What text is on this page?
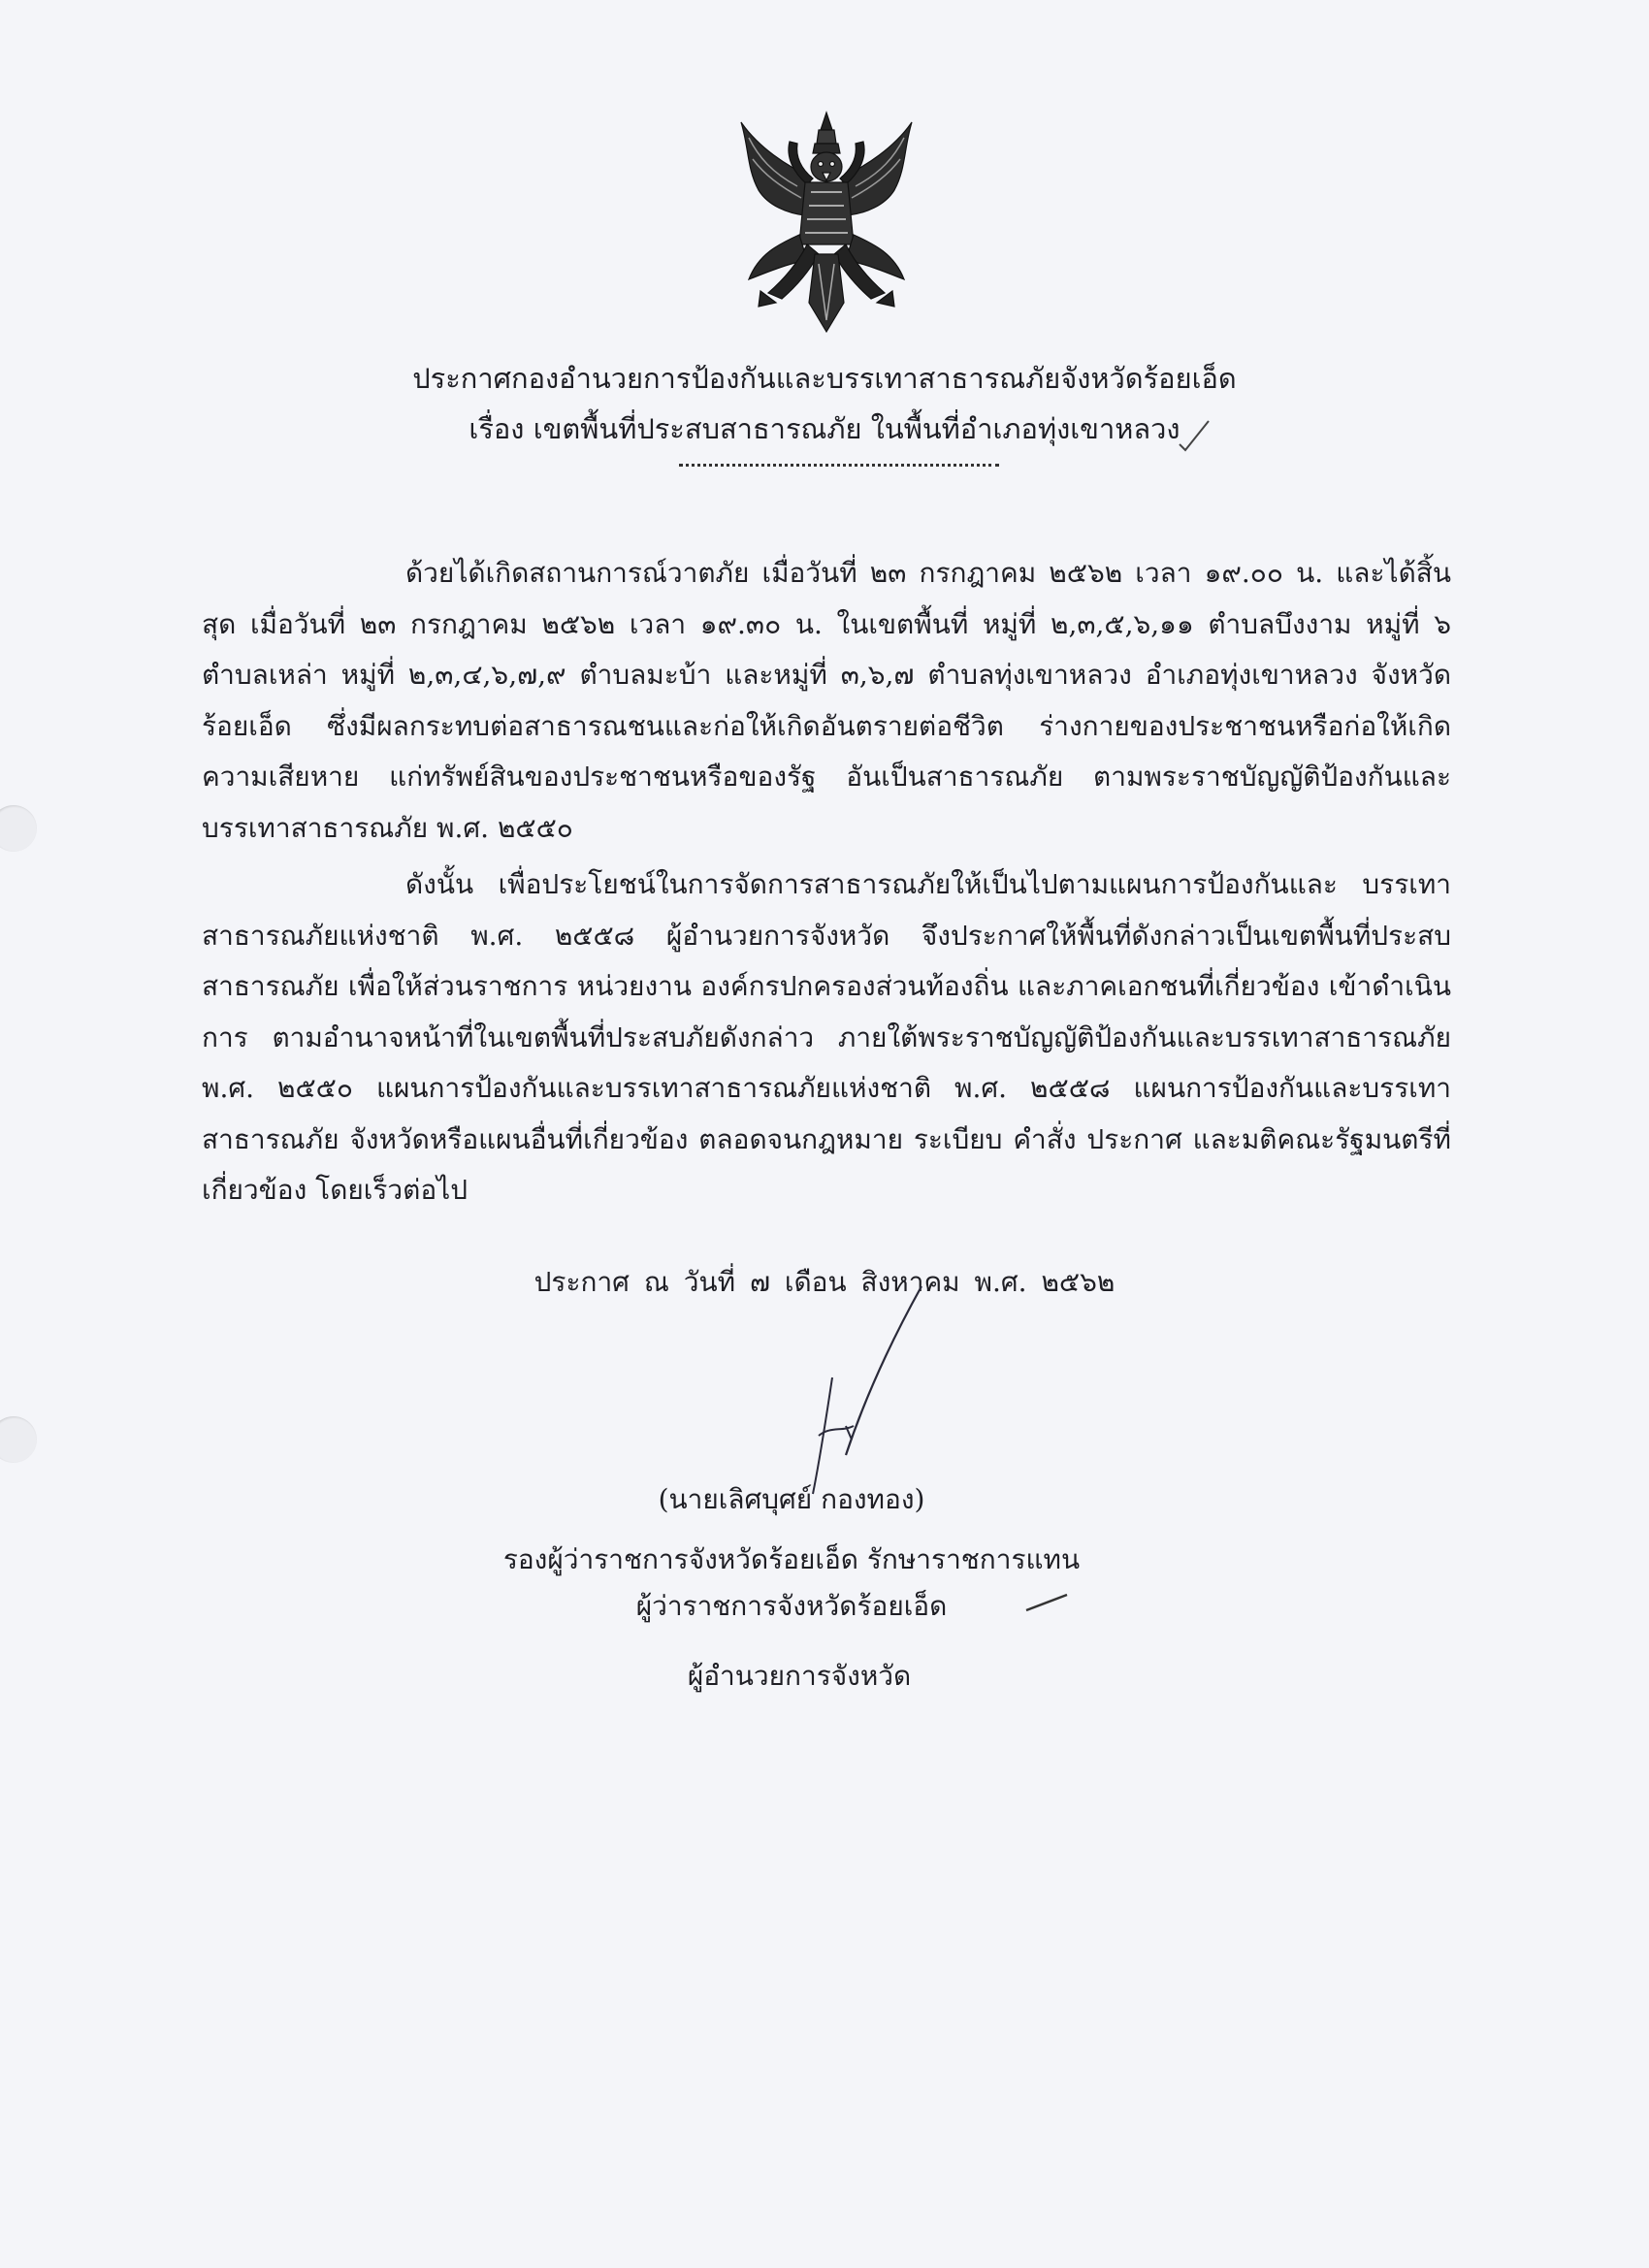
ประกาศกองอำนวยการป้องกันและบรรเทาสาธารณภัยจังหวัดร้อยเอ็ด
เรื่อง เขตพื้นที่ประสบสาธารณภัย ในพื้นที่อำเภอทุ่งเขาหลวง

ด้วยได้เกิดสถานการณ์วาตภัย เมื่อวันที่ ๒๓ กรกฎาคม ๒๕๖๒ เวลา ๑๙.๐๐ น. และได้สิ้นสุด เมื่อวันที่ ๒๓ กรกฎาคม ๒๕๖๒ เวลา ๑๙.๓๐ น. ในเขตพื้นที่ หมู่ที่ ๒,๓,๕,๖,๑๑ ตำบลบึงงาม หมู่ที่ ๖ ตำบลเหล่า หมู่ที่ ๒,๓,๔,๖,๗,๙ ตำบลมะบ้า และหมู่ที่ ๓,๖,๗ ตำบลทุ่งเขาหลวง อำเภอทุ่งเขาหลวง จังหวัดร้อยเอ็ด ซึ่งมีผลกระทบต่อสาธารณชนและก่อให้เกิดอันตรายต่อชีวิต ร่างกายของประชาชนหรือก่อให้เกิดความเสียหาย แก่ทรัพย์สินของประชาชนหรือของรัฐ อันเป็นสาธารณภัย ตามพระราชบัญญัติป้องกันและบรรเทาสาธารณภัย พ.ศ. ๒๕๕๐

ดังนั้น เพื่อประโยชน์ในการจัดการสาธารณภัยให้เป็นไปตามแผนการป้องกันและ บรรเทาสาธารณภัยแห่งชาติ พ.ศ. ๒๕๕๘ ผู้อำนวยการจังหวัด จึงประกาศให้พื้นที่ดังกล่าวเป็นเขตพื้นที่ประสบ สาธารณภัย เพื่อให้ส่วนราชการ หน่วยงาน องค์กรปกครองส่วนท้องถิ่น และภาคเอกชนที่เกี่ยวข้อง เข้าดำเนินการ ตามอำนาจหน้าที่ในเขตพื้นที่ประสบภัยดังกล่าว ภายใต้พระราชบัญญัติป้องกันและบรรเทาสาธารณภัย พ.ศ. ๒๕๕๐ แผนการป้องกันและบรรเทาสาธารณภัยแห่งชาติ พ.ศ. ๒๕๕๘ แผนการป้องกันและบรรเทาสาธารณภัย จังหวัดหรือแผนอื่นที่เกี่ยวข้อง ตลอดจนกฎหมาย ระเบียบ คำสั่ง ประกาศ และมติคณะรัฐมนตรีที่เกี่ยวข้อง โดยเร็วต่อไป

ประกาศ ณ วันที่ ๗ เดือน สิงหาคม พ.ศ. ๒๕๖๒
(นายเลิศบุศย์ กองทอง)
รองผู้ว่าราชการจังหวัดร้อยเอ็ด รักษาราชการแทน
ผู้ว่าราชการจังหวัดร้อยเอ็ด
ผู้อำนวยการจังหวัด
